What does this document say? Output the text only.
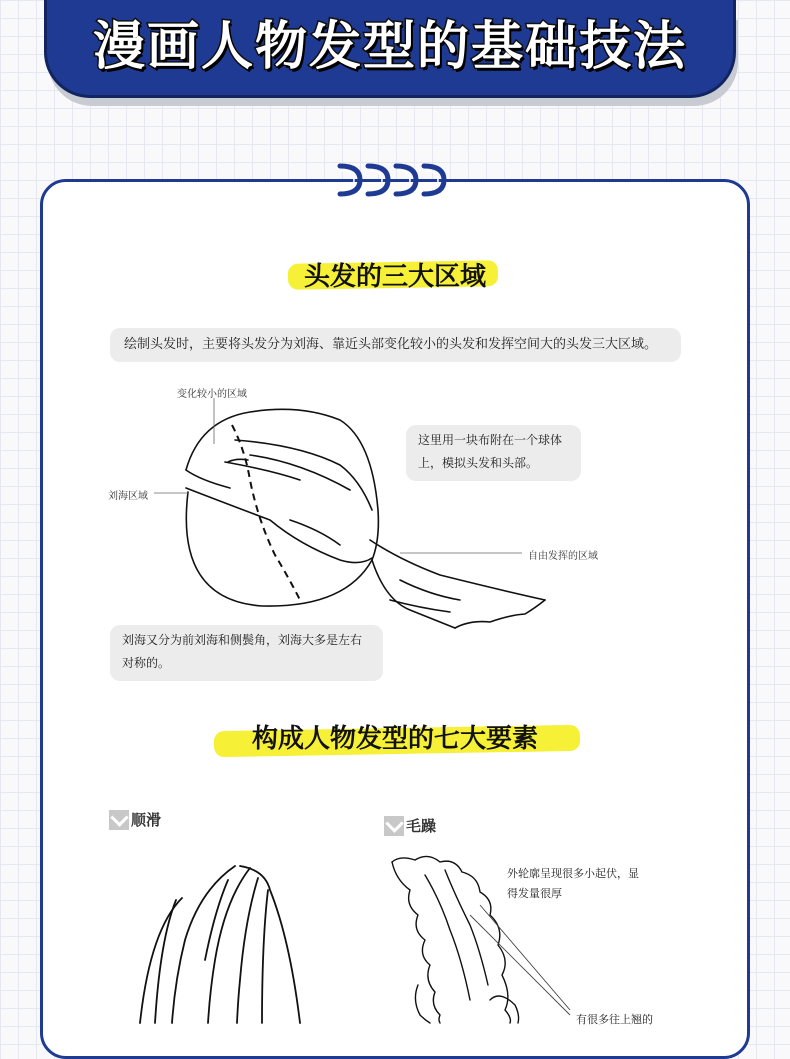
漫画人物发型的基础技法
头发的三大区域
绘制头发时，主要将头发分为刘海、靠近头部变化较小的头发和发挥空间大的头发三大区域。
变化较小的区域
刘海区域
自由发挥的区域
这里用一块布附在一个球体上，模拟头发和头部。
刘海又分为前刘海和侧鬓角，刘海大多是左右对称的。
构成人物发型的七大要素
顺滑	毛躁
外轮廓呈现很多小起伏，显得发量很厚
有很多往上翘的
